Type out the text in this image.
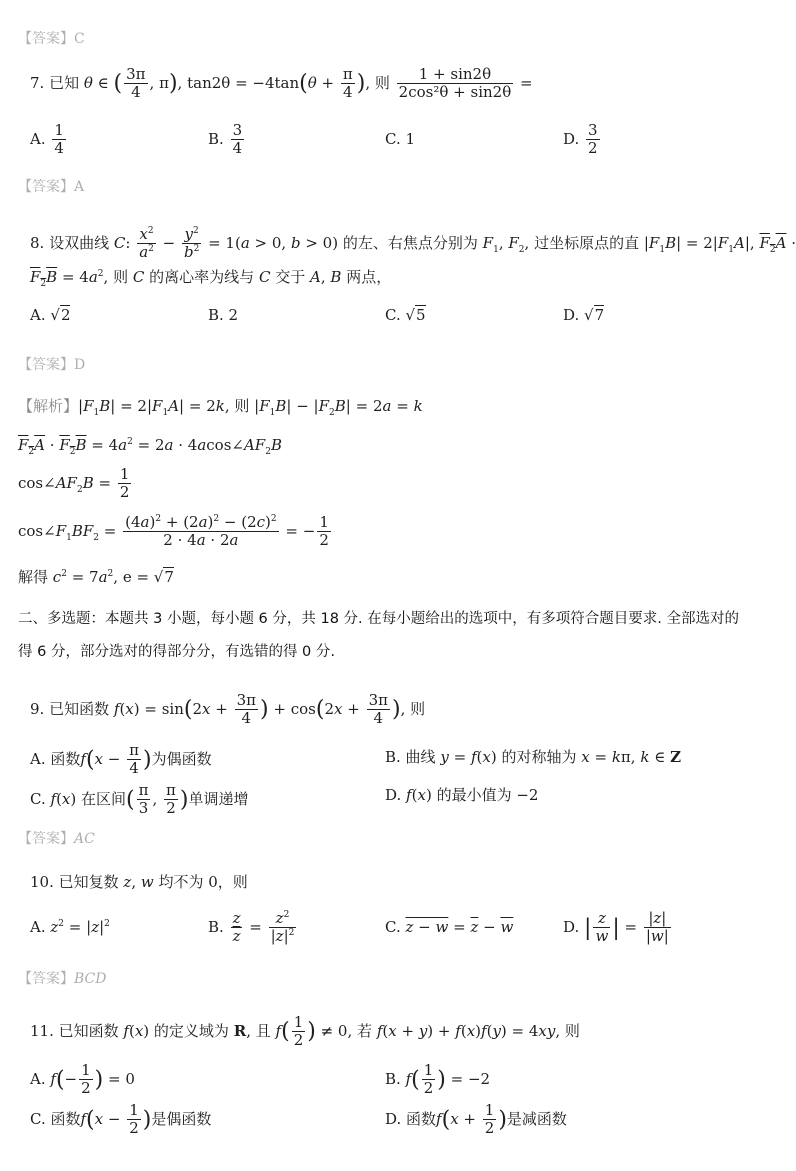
【答案】C
7. 已知 θ ∈ ( $\frac{3\pi}{4}$ , π), $\tan 2\theta = -4\tan(\theta + \frac{\pi}{4}$ ), 则 $\frac{1 + \sin 2\theta}{\text{2cos²θ + sin2θ}}$ =
A. $\frac{1}{4}$	B. $\frac{3}{4}$	C. 1	D. $\frac{3}{2}$
【答案】A
8. 设双曲线 C: $\frac{x^2}{a^2} - \frac{y^2}{b^2} = 1(a > 0$, b > 0) 的左、右焦点分别为 $F_1$, $F_2$, 过坐标原点的直 $|F_1B| = 2|F_1A|$, $F_2A$ ·
$F_2B = 4a^2$, 则 C 的离心率为线与 C 交于 A, B 两点，
A. √2	B. 2	C. √5	D. √7
【答案】D
【解析】$|F_1B| = 2|F_1A| = 2k$, 则 $|F_1B| - |F_2B| = 2a = k$
$F_2A \cdot F_2B = 4a^2 = 2a$ · $4acos\angle AF_2B$
$\cos\angle AF_2B = \frac{1}{2}$
$\cos\angle F_1BF_2 = \frac{(4a)^2 + (2a)^2 - (2c)^2}{2 \cdot 4a \cdot 2a}$ = − $\frac{1}{2}$
解得 $c^2 = 7a^2$, e = √7
二、多选题：本题共 3 小题，每小题 6 分，共 18 分. 在每小题给出的选项中，有多项符合题目要求. 全部选对的
得 6 分，部分选对的得部分分，有选错的得 0 分.
9. 已知函数 $f(x) = \sin(2x + \frac{3\pi}{4}$ ) + $\cos(2x + \frac{3\pi}{4}$ ), 则
A. 函数$f(x - \frac{\pi}{4}$ )为偶函数	B. 曲线 y = f(x) 的对称轴为 x = kπ, k ∈ Z
C. f(x) 在区间( $\frac{\pi}{3}$ , $\frac{\pi}{2}$ )单调递增	D. f(x) 的最小值为 −2
【答案】AC
10. 已知复数 z, w 均不为 0，则
A. $z^2 = |z|^2$	B. $\frac{z}{z} = \frac{z^2}{|z|^2}$	C. $z - w = \overline{z} - \overline{w}$	D. | $\frac{z}{w}$ | = $\frac{|z|}{|w|}$
【答案】BCD
11. 已知函数 f(x) 的定义域为 R, 且 $f( \frac{1}{2}$ ) ≠ 0, 若 f(x + y) + f(x)f(y) = 4xy, 则
A. $f(- \frac{1}{2}$ ) = 0	B. $f( \frac{1}{2}$ ) = −2
C. 函数$f(x - \frac{1}{2}$ )是偶函数	D. 函数$f(x + \frac{1}{2}$ )是减函数
